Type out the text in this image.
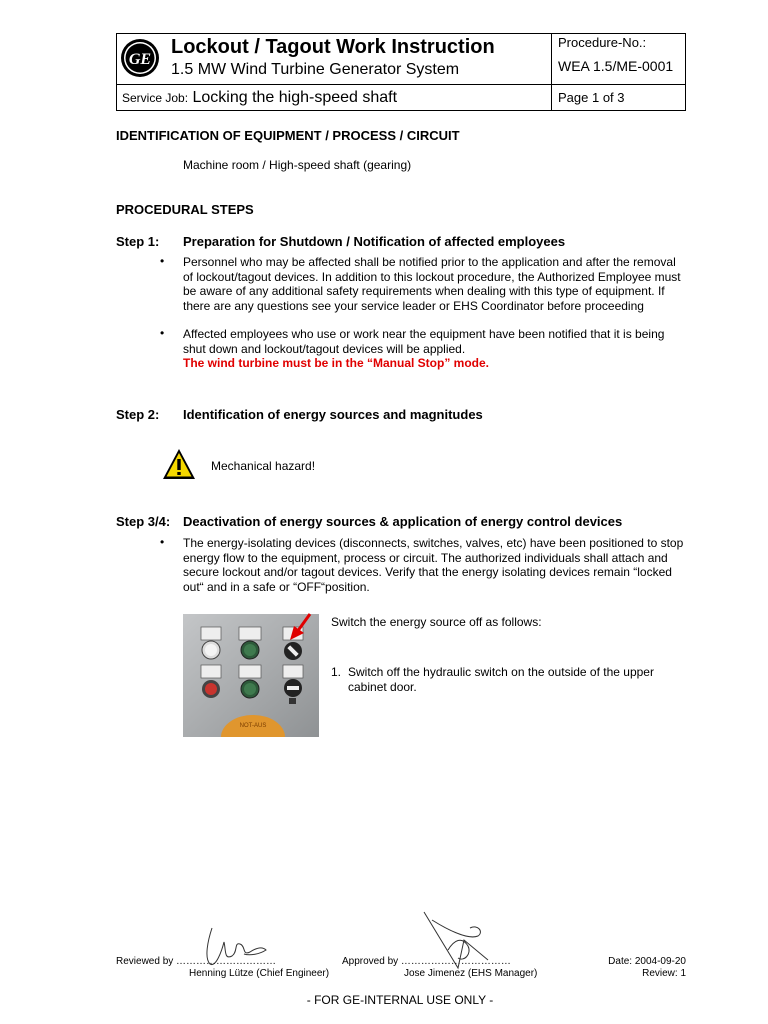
GE
Lockout / Tagout Work Instruction
1.5 MW Wind Turbine Generator System
Procedure-No.:
WEA 1.5/ME-0001
Service Job: Locking the high-speed shaft	Page 1 of 3
IDENTIFICATION OF EQUIPMENT / PROCESS / CIRCUIT
Machine room / High-speed shaft (gearing)
PROCEDURAL STEPS
Step 1: Preparation for Shutdown / Notification of affected employees
• Personnel who may be affected shall be notified prior to the application and after the removal of lockout/tagout devices. In addition to this lockout procedure, the Authorized Employee must be aware of any additional safety requirements when dealing with this type of equipment. If there are any questions see your service leader or EHS Coordinator before proceeding
• Affected employees who use or work near the equipment have been notified that it is being shut down and lockout/tagout devices will be applied.
The wind turbine must be in the “Manual Stop” mode.
Step 2: Identification of energy sources and magnitudes
Mechanical hazard!
Step 3/4: Deactivation of energy sources & application of energy control devices
• The energy-isolating devices (disconnects, switches, valves, etc) have been positioned to stop energy flow to the equipment, process or circuit. The authorized individuals shall attach and secure lockout and/or tagout devices. Verify that the energy isolating devices remain “locked out“ and in a safe or “OFF“position.
NOT-AUS
Switch the energy source off as follows:
1. Switch off the hydraulic switch on the outside of the upper cabinet door.
Reviewed by …………………………
Henning Lütze (Chief Engineer)
Approved by ……………………………
Jose Jimenez (EHS Manager)
Date: 2004-09-20
Review: 1
- FOR GE-INTERNAL USE ONLY -
